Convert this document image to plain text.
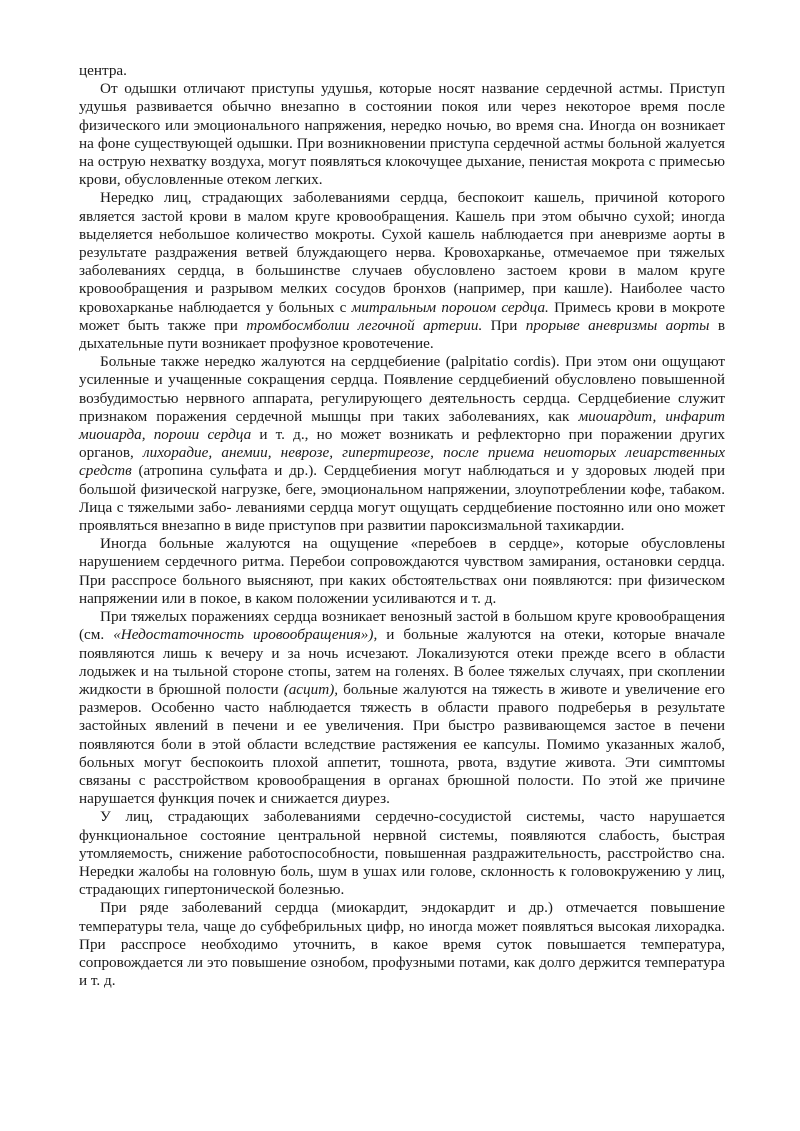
центра.

От одышки отличают приступы удушья, которые носят название сердечной астмы. Приступ удушья развивается обычно внезапно в состоянии покоя или через некоторое время после физического или эмоционального напряжения, нередко ночью, во время сна. Иногда он возникает на фоне существующей одышки. При возникновении приступа сердечной астмы больной жалуется на острую нехватку воздуха, могут появляться клокочущее дыхание, пенистая мокрота с примесью крови, обусловленные отеком легких.

Нередко лиц, страдающих заболеваниями сердца, беспокоит кашель, причиной которого является застой крови в малом круге кровообращения. Кашель при этом обычно сухой; иногда выделяется небольшое количество мокроты. Сухой кашель наблюдается при аневризме аорты в результате раздражения ветвей блуждающего нерва. Кровохарканье, отмечаемое при тяжелых заболеваниях сердца, в большинстве случаев обусловлено застоем крови в малом круге кровообращения и разрывом мелких сосудов бронхов (например, при кашле). Наиболее часто кровохарканье наблюдается у больных с митральным пороиом сердца. Примесь крови в мокроте может быть также при тромбосмболии легочной артерии. При прорыве аневризмы аорты в дыхательные пути возникает профузное кровотечение.

Больные также нередко жалуются на сердцебиение (palpitatio cordis). При этом они ощущают усиленные и учащенные сокращения сердца. Появление сердцебиений обусловлено повышенной возбудимостью нервного аппарата, регулирующего деятельность сердца. Сердцебиение служит признаком поражения сердечной мышцы при таких заболеваниях, как миоиардит, инфарит миоиарда, пороии сердца и т. д., но может возникать и рефлекторно при поражении других органов, лихорадие, анемии, неврозе, гипертиреозе, после приема неиоторых леиарственных средств (атропина сульфата и др.). Сердцебиения могут наблюдаться и у здоровых людей при большой физической нагрузке, беге, эмоциональном напряжении, злоупотреблении кофе, табаком. Лица с тяжелыми забо- леваниями сердца могут ощущать сердцебиение постоянно или оно может проявляться внезапно в виде приступов при развитии пароксизмальной тахикардии.

Иногда больные жалуются на ощущение «перебоев в сердце», которые обусловлены нарушением сердечного ритма. Перебои сопровождаются чувством замирания, остановки сердца. При расспросе больного выясняют, при каких обстоятельствах они появляются: при физическом напряжении или в покое, в каком положении усиливаются и т. д.

При тяжелых поражениях сердца возникает венозный застой в большом круге кровообращения (см. «Недостаточность ировообращения»), и больные жалуются на отеки, которые вначале появляются лишь к вечеру и за ночь исчезают. Локализуются отеки прежде всего в области лодыжек и на тыльной стороне стопы, затем на голенях. В более тяжелых случаях, при скоплении жидкости в брюшной полости (асцит), больные жалуются на тяжесть в животе и увеличение его размеров. Особенно часто наблюдается тяжесть в области правого подреберья в результате застойных явлений в печени и ее увеличения. При быстро развивающемся застое в печени появляются боли в этой области вследствие растяжения ее капсулы. Помимо указанных жалоб, больных могут беспокоить плохой аппетит, тошнота, рвота, вздутие живота. Эти симптомы связаны с расстройством кровообращения в органах брюшной полости. По этой же причине нарушается функция почек и снижается диурез.

У лиц, страдающих заболеваниями сердечно-сосудистой системы, часто нарушается функциональное состояние центральной нервной системы, появляются слабость, быстрая утомляемость, снижение работоспособности, повышенная раздражительность, расстройство сна. Нередки жалобы на головную боль, шум в ушах или голове, склонность к головокружению у лиц, страдающих гипертонической болезнью.

При ряде заболеваний сердца (миокардит, эндокардит и др.) отмечается повышение температуры тела, чаще до субфебрильных цифр, но иногда может появляться высокая лихорадка. При расспросе необходимо уточнить, в какое время суток повышается температура, сопровождается ли это повышение ознобом, профузными потами, как долго держится температура и т. д.
